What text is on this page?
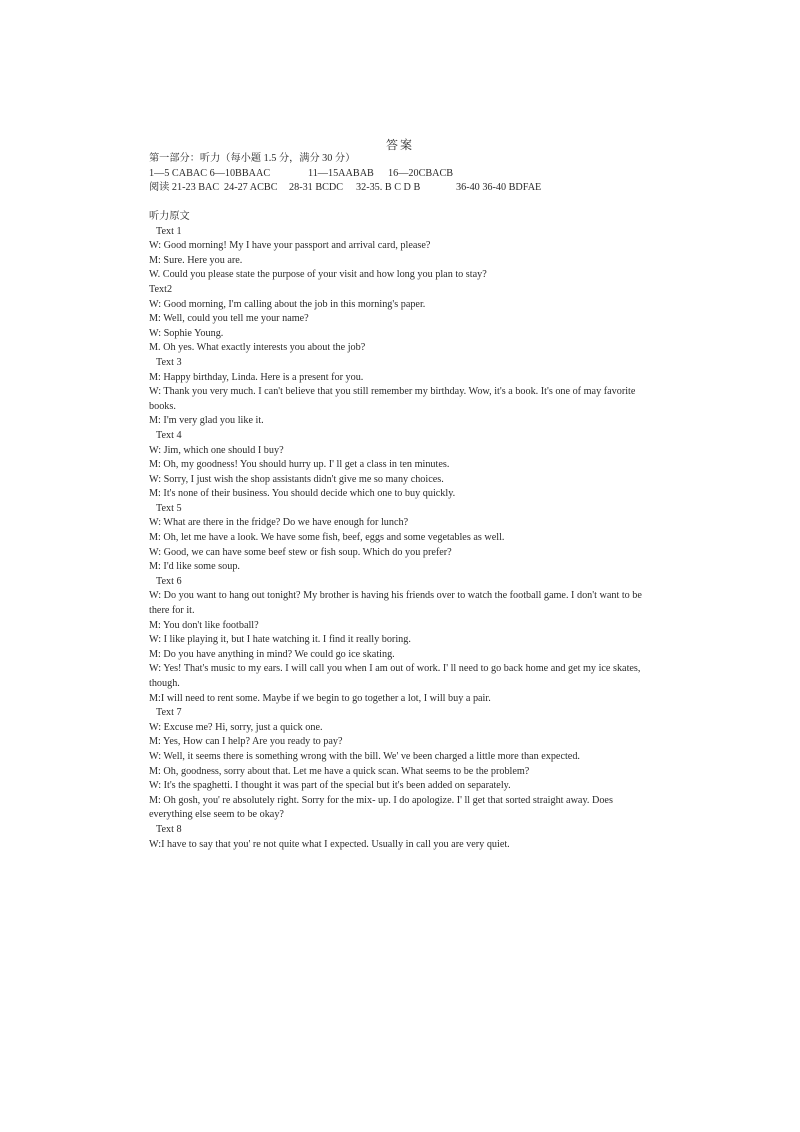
答案
第一部分：听力（每小题 1.5 分，满分 30 分）
1—5 CABAC 6—10BBAAC	11—15AABAB 16—20CBACB
阅读 21-23 BAC 24-27 ACBC 28-31 BCDC 32-35. B C D B	36-40 36-40 BDFAE
听力原文
Text 1
W: Good morning! My I have your passport and arrival card, please?
M: Sure. Here you are.
W. Could you please state the purpose of your visit and how long you plan to stay?
Text2
W: Good morning, I'm calling about the job in this morning's paper.
M: Well, could you tell me your name?
W: Sophie Young.
M. Oh yes. What exactly interests you about the job?
Text 3
M: Happy birthday, Linda. Here is a present for you.
W: Thank you very much. I can't believe that you still remember my birthday. Wow, it's a book. It's one of may favorite books.
M: I'm very glad you like it.
Text 4
W: Jim, which one should I buy?
M: Oh, my goodness! You should hurry up. I' ll get a class in ten minutes.
W: Sorry, I just wish the shop assistants didn't give me so many choices.
M: It's none of their business. You should decide which one to buy quickly.
Text 5
W: What are there in the fridge? Do we have enough for lunch?
M: Oh, let me have a look. We have some fish, beef, eggs and some vegetables as well.
W: Good, we can have some beef stew or fish soup. Which do you prefer?
M: I'd like some soup.
Text 6
W: Do you want to hang out tonight? My brother is having his friends over to watch the football game. I don't want to be there for it.
M: You don't like football?
W: I like playing it, but I hate watching it. I find it really boring.
M: Do you have anything in mind? We could go ice skating.
W: Yes! That's music to my ears. I will call you when I am out of work. I' ll need to go back home and get my ice skates, though.
M:I will need to rent some. Maybe if we begin to go together a lot, I will buy a pair.
Text 7
W: Excuse me? Hi, sorry, just a quick one.
M: Yes, How can I help? Are you ready to pay?
W: Well, it seems there is something wrong with the bill. We' ve been charged a little more than expected.
M: Oh, goodness, sorry about that. Let me have a quick scan. What seems to be the problem?
W: It's the spaghetti. I thought it was part of the special but it's been added on separately.
M: Oh gosh, you' re absolutely right. Sorry for the mix- up. I do apologize. I' ll get that sorted straight away. Does everything else seem to be okay?
Text 8
W:I have to say that you' re not quite what I expected. Usually in call you are very quiet.
